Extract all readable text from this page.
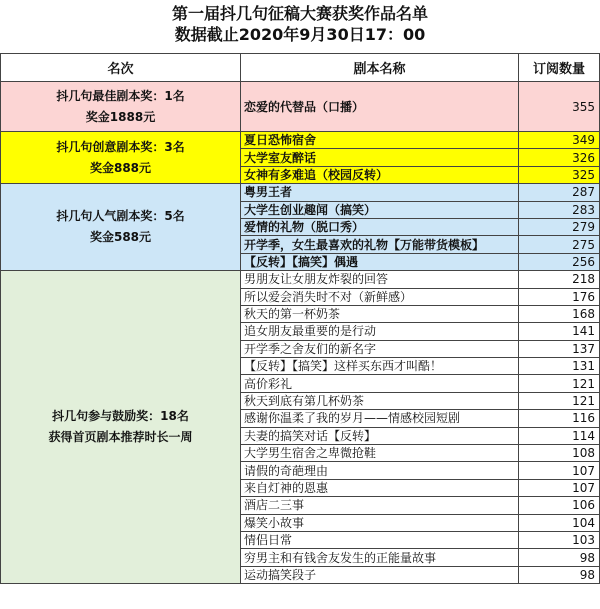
第一届抖几句征稿大赛获奖作品名单
数据截止2020年9月30日17：00
名次	剧本名称	订阅数量

抖几句最佳剧本奖：1名
奖金1888元	恋爱的代替品（口播）	355

抖几句创意剧本奖：3名
奖金888元	夏日恐怖宿舍	349
	大学室友醉话	326
	女神有多难追（校园反转）	325

抖几句人气剧本奖：5名
奖金588元	粤男王者	287
	大学生创业趣闻（搞笑）	283
	爱情的礼物（脱口秀）	279
	开学季，女生最喜欢的礼物【万能带货模板】	275
	【反转】【搞笑】偶遇	256

抖几句参与鼓励奖：18名
获得首页剧本推荐时长一周	男朋友让女朋友炸裂的回答	218
	所以爱会消失时不对（新鲜感）	176
	秋天的第一杯奶茶	168
	追女朋友最重要的是行动	141
	开学季之舍友们的新名字	137
	【反转】【搞笑】这样买东西才叫酷！	131
	高价彩礼	121
	秋天到底有第几杯奶茶	121
	感谢你温柔了我的岁月——情感校园短剧	116
	夫妻的搞笑对话【反转】	114
	大学男生宿舍之卑微抢鞋	108
	请假的奇葩理由	107
	来自灯神的恩惠	107
	酒店二三事	106
	爆笑小故事	104
	情侣日常	103
	穷男主和有钱舍友发生的正能量故事	98
	运动搞笑段子	98
